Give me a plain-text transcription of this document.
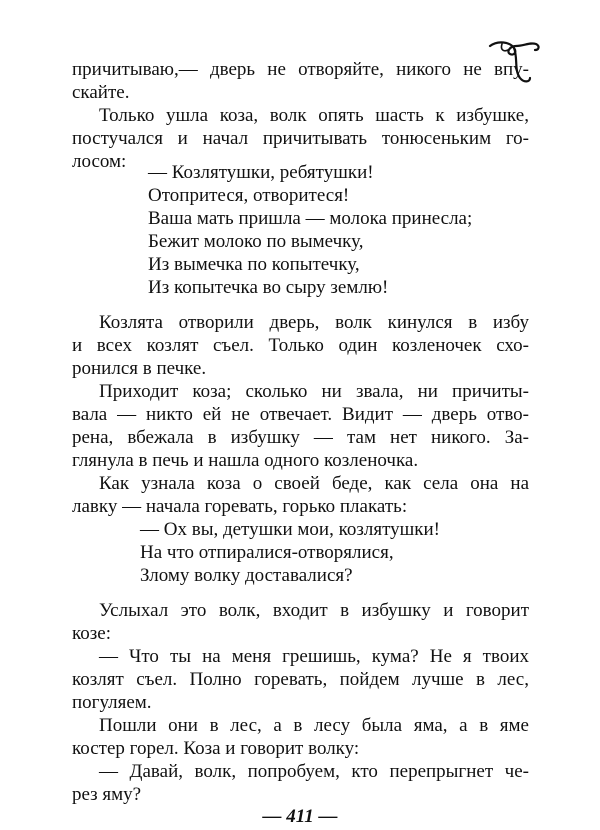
причитываю,— дверь не отворяйте, никого не впу-

скайте.

Только ушла коза, волк опять шасть к избушке,

постучался и начал причитывать тонюсеньким го-

лосом:

— Козлятушки, ребятушки!

Отопритеся, отворитеся!

Ваша мать пришла — молока принесла;

Бежит молоко по вымечку,

Из вымечка по копытечку,

Из копытечка во сыру землю!

Козлята отворили дверь, волк кинулся в избу

и всех козлят съел. Только один козленочек схо-

ронился в печке.

Приходит коза; сколько ни звала, ни причиты-

вала — никто ей не отвечает. Видит — дверь отво-

рена, вбежала в избушку — там нет никого. За-

глянула в печь и нашла одного козленочка.

Как узнала коза о своей беде, как села она на

лавку — начала горевать, горько плакать:

— Ох вы, детушки мои, козлятушки!

На что отпиралися-отворялися,

Злому волку доставалися?

Услыхал это волк, входит в избушку и говорит

козе:

— Что ты на меня грешишь, кума? Не я твоих

козлят съел. Полно горевать, пойдем лучше в лес,

погуляем.

Пошли они в лес, а в лесу была яма, а в яме

костер горел. Коза и говорит волку:

— Давай, волк, попробуем, кто перепрыгнет че-

рез яму?

— 411 —
